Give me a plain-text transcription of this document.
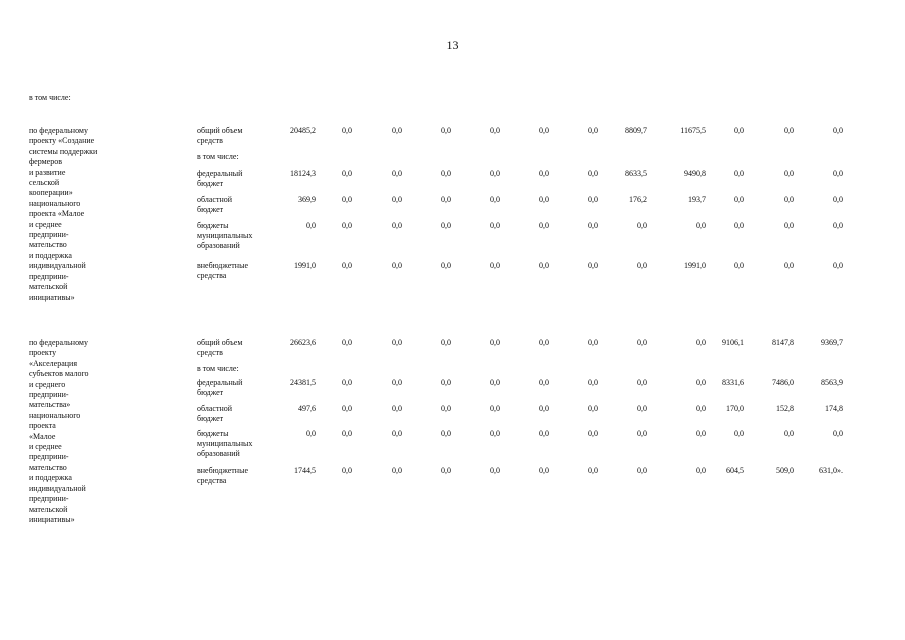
13
в том числе:
по федеральному
проекту «Создание
системы поддержки
фермеров
и развитие
сельской
кооперации»
национального
проекта «Малое
и среднее
предприни-
мательство
и поддержка
индивидуальной
предприни-
мательской
инициативы»
общий объем
средств
20485,2	0,0	0,0	0,0	0,0	0,0	0,0	8809,7	11675,5	0,0	0,0	0,0
в том числе:
федеральный
бюджет
18124,3	0,0	0,0	0,0	0,0	0,0	0,0	8633,5	9490,8	0,0	0,0	0,0
областной
бюджет
369,9	0,0	0,0	0,0	0,0	0,0	0,0	176,2	193,7	0,0	0,0	0,0
бюджеты
муниципальных
образований
0,0	0,0	0,0	0,0	0,0	0,0	0,0	0,0	0,0	0,0	0,0	0,0
внебюджетные
средства
1991,0	0,0	0,0	0,0	0,0	0,0	0,0	0,0	1991,0	0,0	0,0	0,0
по федеральному
проекту
«Акселерация
субъектов малого
и среднего
предприни-
мательства»
национального
проекта
«Малое
и среднее
предприни-
мательство
и поддержка
индивидуальной
предприни-
мательской
инициативы»
общий объем
средств
26623,6	0,0	0,0	0,0	0,0	0,0	0,0	0,0	0,0	9106,1	8147,8	9369,7
в том числе:
федеральный
бюджет
24381,5	0,0	0,0	0,0	0,0	0,0	0,0	0,0	0,0	8331,6	7486,0	8563,9
областной
бюджет
497,6	0,0	0,0	0,0	0,0	0,0	0,0	0,0	0,0	170,0	152,8	174,8
бюджеты
муниципальных
образований
0,0	0,0	0,0	0,0	0,0	0,0	0,0	0,0	0,0	0,0	0,0	0,0
внебюджетные
средства
1744,5	0,0	0,0	0,0	0,0	0,0	0,0	0,0	0,0	604,5	509,0	631,0».
